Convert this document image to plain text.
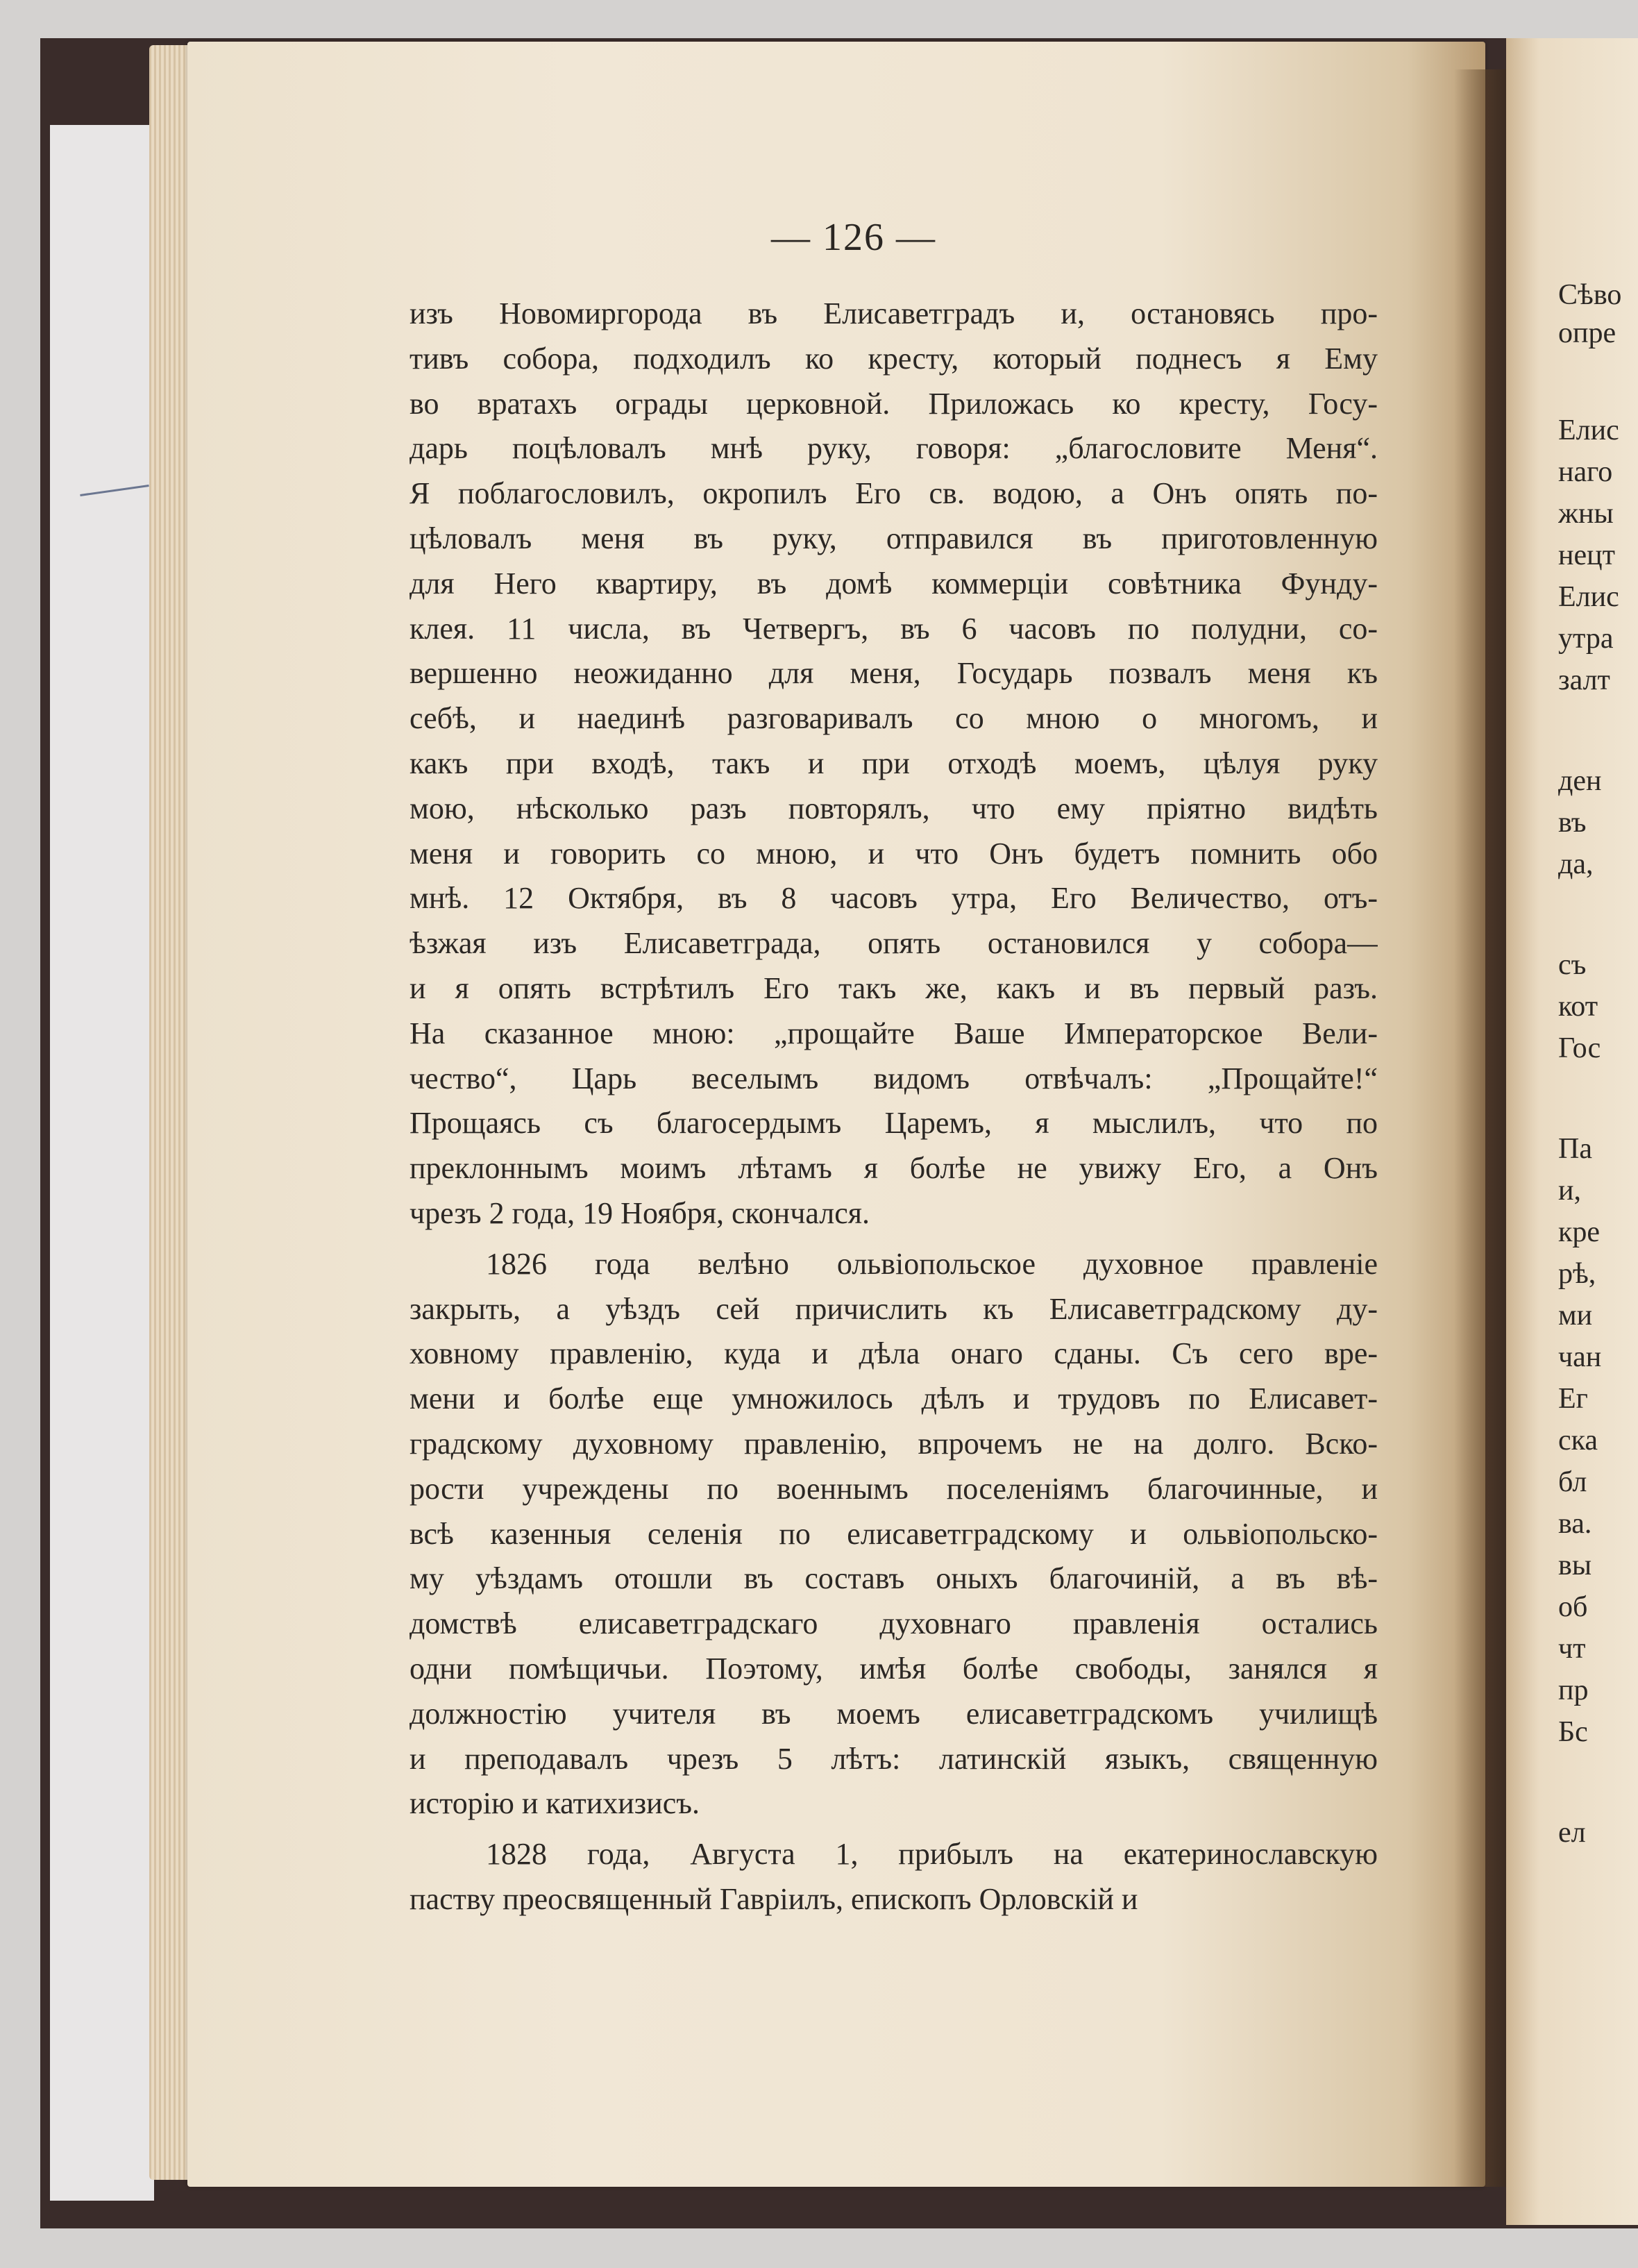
— 126 —
изъ Новомиргорода въ Елисаветградъ и, остановясь про-
тивъ собора, подходилъ ко кресту, который поднесъ я Ему
во вратахъ ограды церковной. Приложась ко кресту, Госу-
дарь поцѣловалъ мнѣ руку, говоря: „благословите Меня“.
Я поблагословилъ, окропилъ Его св. водою, а Онъ опять по-
цѣловалъ меня въ руку, отправился въ приготовленную
для Него квартиру, въ домѣ коммерціи совѣтника Фунду-
клея. 11 числа, въ Четвергъ, въ 6 часовъ по полудни, со-
вершенно неожиданно для меня, Государь позвалъ меня къ
себѣ, и наединѣ разговаривалъ со мною о многомъ, и
какъ при входѣ, такъ и при отходѣ моемъ, цѣлуя руку
мою, нѣсколько разъ повторялъ, что ему пріятно видѣть
меня и говорить со мною, и что Онъ будетъ помнить обо
мнѣ. 12 Октября, въ 8 часовъ утра, Его Величество, отъ-
ѣзжая изъ Елисаветграда, опять остановился у собора—
и я опять встрѣтилъ Его такъ же, какъ и въ первый разъ.
На сказанное мною: „прощайте Ваше Императорское Вели-
чество“, Царь веселымъ видомъ отвѣчалъ: „Прощайте!“
Прощаясь съ благосердымъ Царемъ, я мыслилъ, что по
преклоннымъ моимъ лѣтамъ я болѣе не увижу Его, а Онъ
чрезъ 2 года, 19 Ноября, скончался.
1826 года велѣно ольвіопольское духовное правленіе
закрыть, а уѣздъ сей причислить къ Елисаветградскому ду-
ховному правленію, куда и дѣла онаго сданы. Съ сего вре-
мени и болѣе еще умножилось дѣлъ и трудовъ по Елисавет-
градскому духовному правленію, впрочемъ не на долго. Вско-
рости учреждены по военнымъ поселеніямъ благочинные, и
всѣ казенныя селенія по елисаветградскому и ольвіопольско-
му уѣздамъ отошли въ составъ оныхъ благочиній, а въ вѣ-
домствѣ елисаветградскаго духовнаго правленія остались
одни помѣщичьи. Поэтому, имѣя болѣе свободы, занялся я
должностію учителя въ моемъ елисаветградскомъ училищѣ
и преподавалъ чрезъ 5 лѣтъ: латинскій языкъ, священную
исторію и катихизисъ.
1828 года, Августа 1, прибылъ на екатеринославскую
паству преосвященный Гавріилъ, епископъ Орловскій и
Сѣво
опре
Елис
наго
жны
нецт
Елис
утра
залт
ден
въ
да,
съ
кот
Гос
Па
и,
кре
рѣ,
ми
чан
Ег
ска
бл
ва.
вы
об
чт
пр
Бс
ел
